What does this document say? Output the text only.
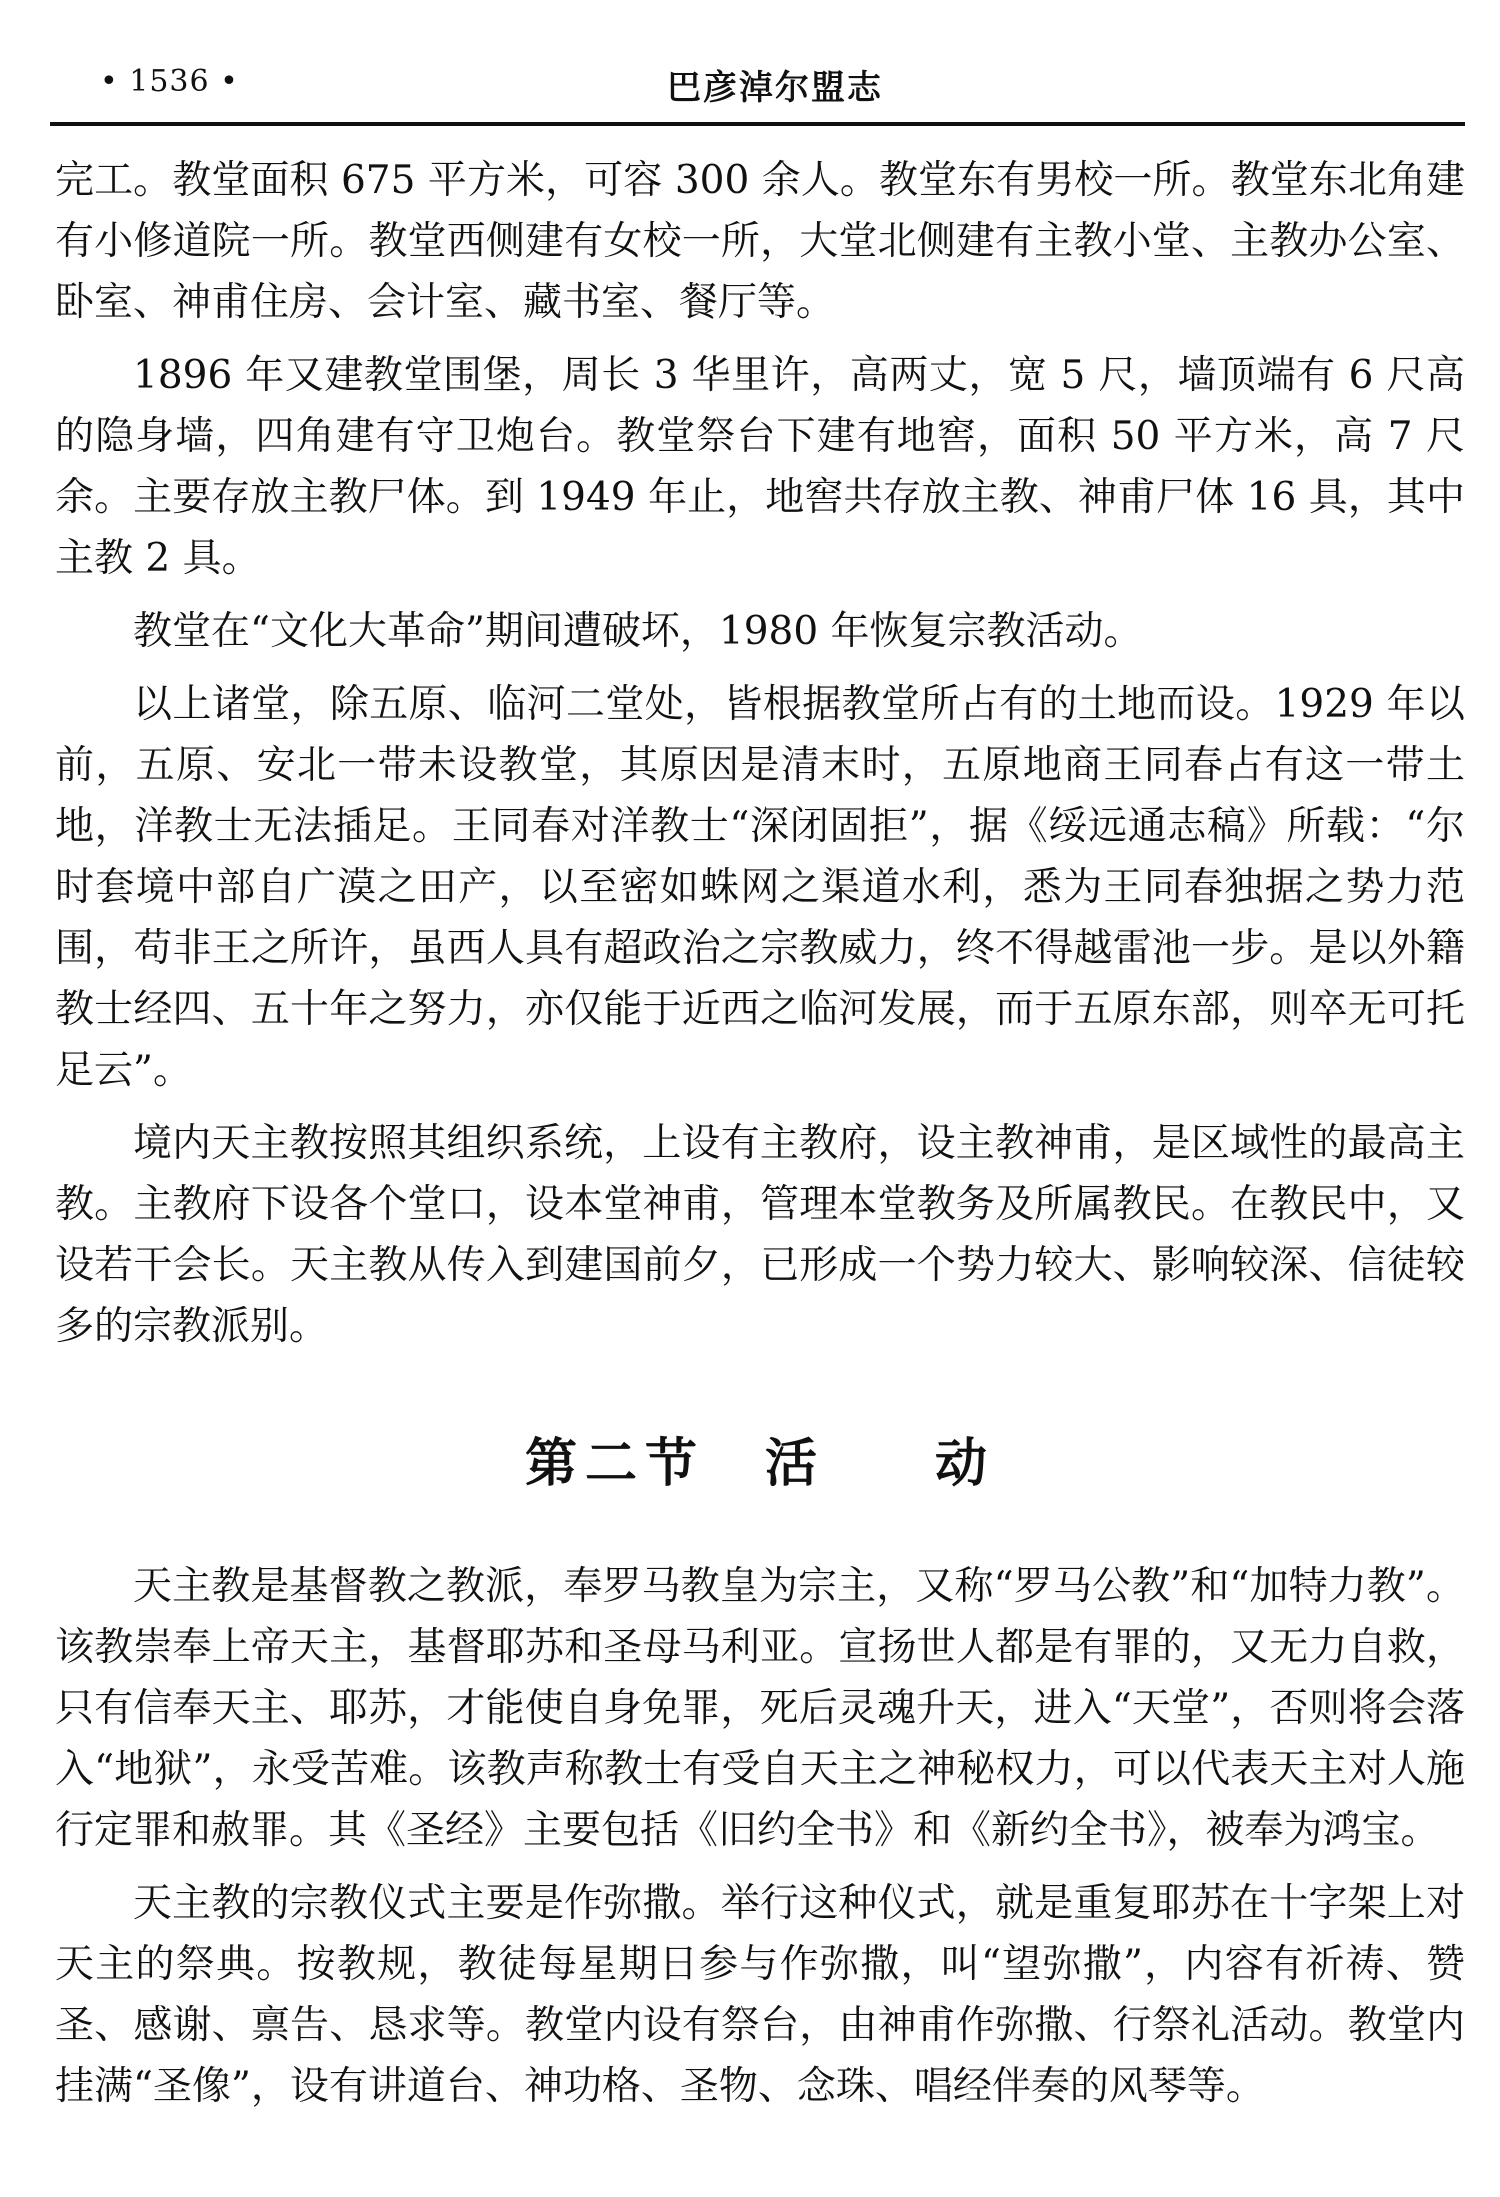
• 1536 •	巴彦淖尔盟志

完工。教堂面积 675 平方米，可容 300 余人。教堂东有男校一所。教堂东北角建有小修道院一所。教堂西侧建有女校一所，大堂北侧建有主教小堂、主教办公室、卧室、神甫住房、会计室、藏书室、餐厅等。

1896 年又建教堂围堡，周长 3 华里许，高两丈，宽 5 尺，墙顶端有 6 尺高的隐身墙，四角建有守卫炮台。教堂祭台下建有地窖，面积 50 平方米，高 7 尺余。主要存放主教尸体。到 1949 年止，地窖共存放主教、神甫尸体 16 具，其中主教 2 具。

教堂在“文化大革命”期间遭破坏，1980 年恢复宗教活动。

以上诸堂，除五原、临河二堂处，皆根据教堂所占有的土地而设。1929 年以前，五原、安北一带未设教堂，其原因是清末时，五原地商王同春占有这一带土地，洋教士无法插足。王同春对洋教士“深闭固拒”，据《绥远通志稿》所载：“尔时套境中部自广漠之田产，以至密如蛛网之渠道水利，悉为王同春独据之势力范围，苟非王之所许，虽西人具有超政治之宗教威力，终不得越雷池一步。是以外籍教士经四、五十年之努力，亦仅能于近西之临河发展，而于五原东部，则卒无可托足云”。

境内天主教按照其组织系统，上设有主教府，设主教神甫，是区域性的最高主教。主教府下设各个堂口，设本堂神甫，管理本堂教务及所属教民。在教民中，又设若干会长。天主教从传入到建国前夕，已形成一个势力较大、影响较深、信徒较多的宗教派别。

第二节 活 动

天主教是基督教之教派，奉罗马教皇为宗主，又称“罗马公教”和“加特力教”。该教崇奉上帝天主，基督耶苏和圣母马利亚。宣扬世人都是有罪的，又无力自救，只有信奉天主、耶苏，才能使自身免罪，死后灵魂升天，进入“天堂”，否则将会落入“地狱”，永受苦难。该教声称教士有受自天主之神秘权力，可以代表天主对人施行定罪和赦罪。其《圣经》主要包括《旧约全书》和《新约全书》，被奉为鸿宝。

天主教的宗教仪式主要是作弥撒。举行这种仪式，就是重复耶苏在十字架上对天主的祭典。按教规，教徒每星期日参与作弥撒，叫“望弥撒”，内容有祈祷、赞圣、感谢、禀告、恳求等。教堂内设有祭台，由神甫作弥撒、行祭礼活动。教堂内挂满“圣像”，设有讲道台、神功格、圣物、念珠、唱经伴奏的风琴等。
